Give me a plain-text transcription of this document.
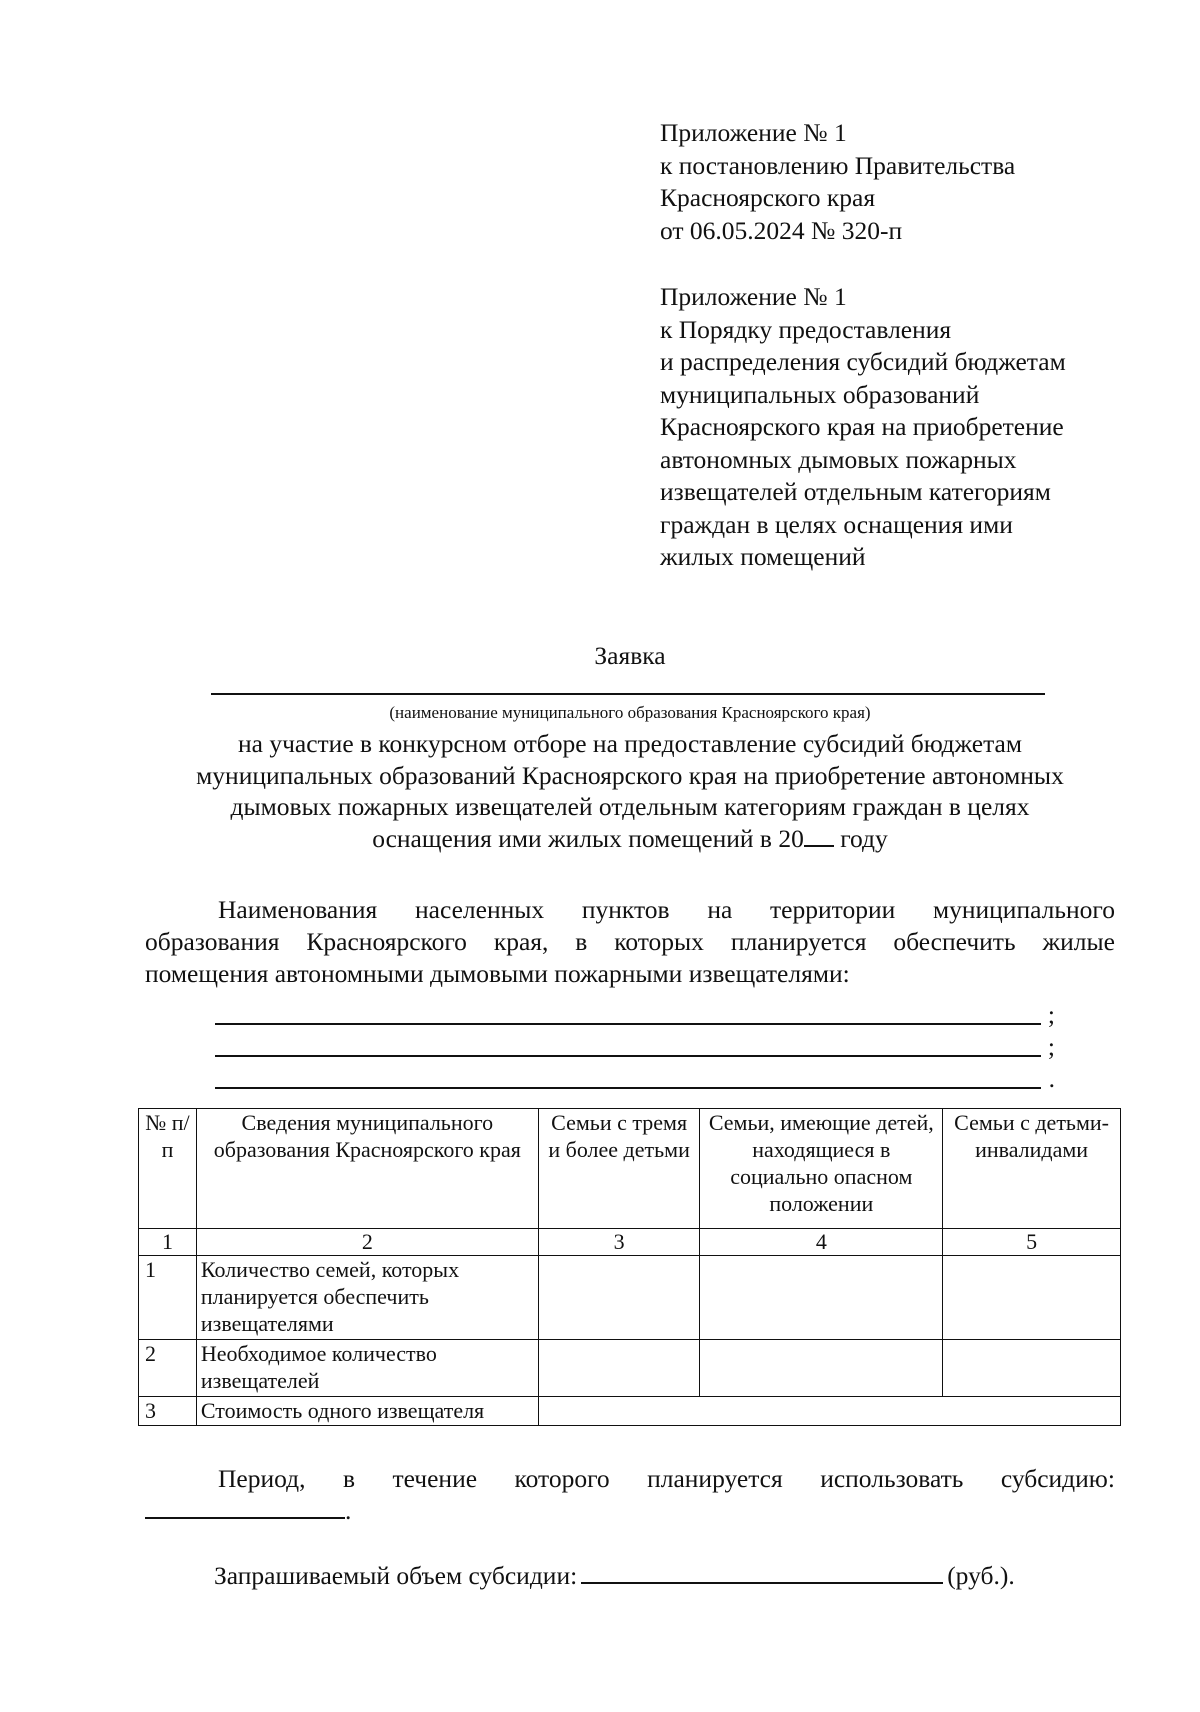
Приложение № 1
к постановлению Правительства
Красноярского края
от 06.05.2024 № 320-п
Приложение № 1
к Порядку предоставления
и распределения субсидий бюджетам
муниципальных образований
Красноярского края на приобретение
автономных дымовых пожарных
извещателей отдельным категориям
граждан в целях оснащения ими
жилых помещений
Заявка
(наименование муниципального образования Красноярского края)
на участие в конкурсном отборе на предоставление субсидий бюджетам
муниципальных образований Красноярского края на приобретение автономных
дымовых пожарных извещателей отдельным категориям граждан в целях
оснащения ими жилых помещений в 20 году
Наименования населенных пунктов на территории муниципального
образования Красноярского края, в которых планируется обеспечить жилые
помещения автономными дымовыми пожарными извещателями:
;
;
.
№ п/п	Сведения муниципального образования Красноярского края	Семьи с тремя и более детьми	Семьи, имеющие детей, находящиеся в социально опасном положении	Семьи с детьми-инвалидами
1	2	3	4	5
1	Количество семей, которых планируется обеспечить извещателями			
2	Необходимое количество извещателей			
3	Стоимость одного извещателя			
Период, в течение которого планируется использовать субсидию:
.
Запрашиваемый объем субсидии:	(руб.).
